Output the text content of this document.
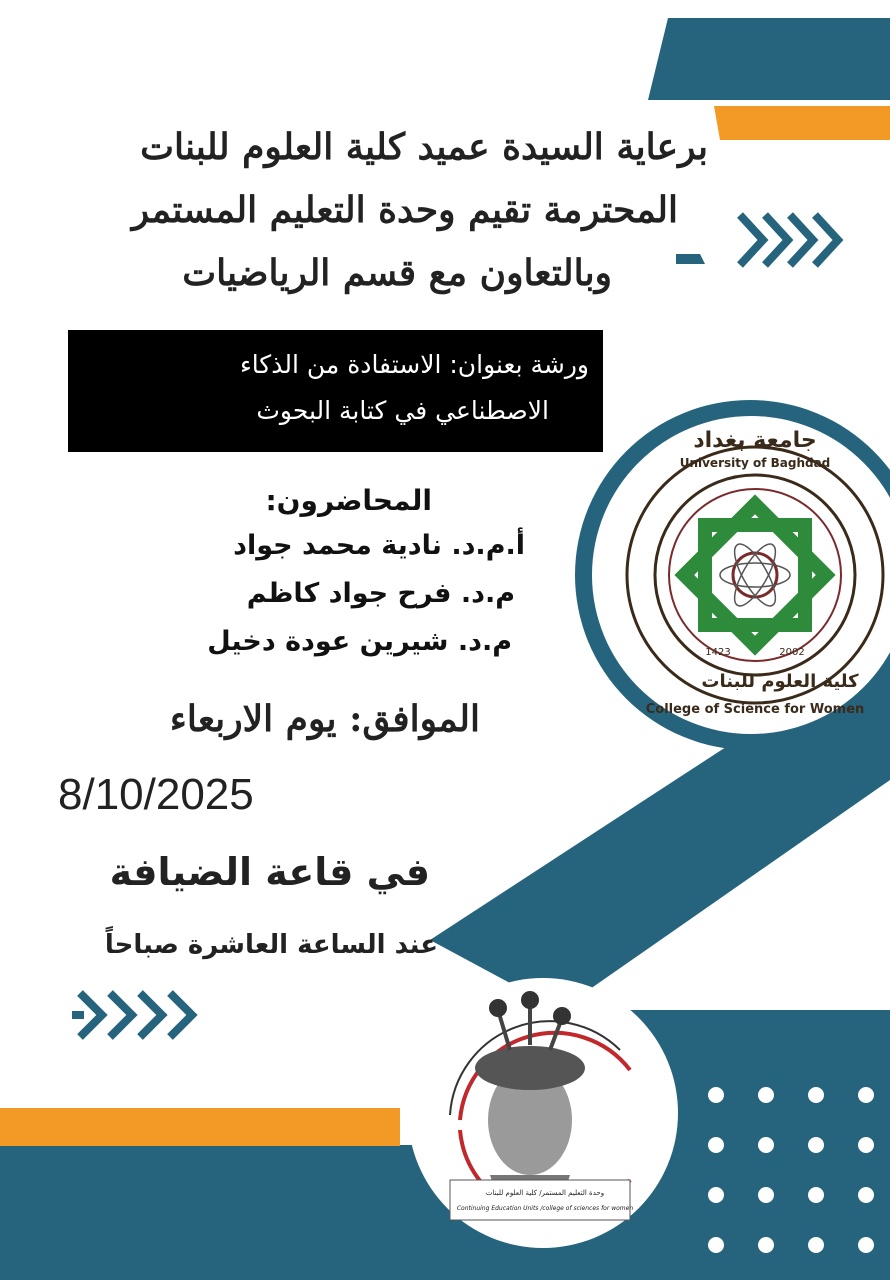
برعاية السيدة عميد كلية العلوم للبنات
المحترمة تقيم وحدة التعليم المستمر
وبالتعاون مع قسم الرياضيات
ورشة بعنوان: الاستفادة من الذكاء
الاصطناعي في كتابة البحوث
المحاضرون:
أ.م.د. نادية محمد جواد
م.د. فرح جواد كاظم
م.د. شيرين عودة دخيل
الموافق: يوم الاربعاء
8/10/2025
في قاعة الضيافة
عند الساعة العاشرة صباحاً
University of Baghdad
جامعة بغداد
1423	2002
كلية العلوم للبنات
College of Science for Women
وحدة التعليم المستمر/ كلية العلوم للبنات
Continuing Education Units /college of sciences for women
